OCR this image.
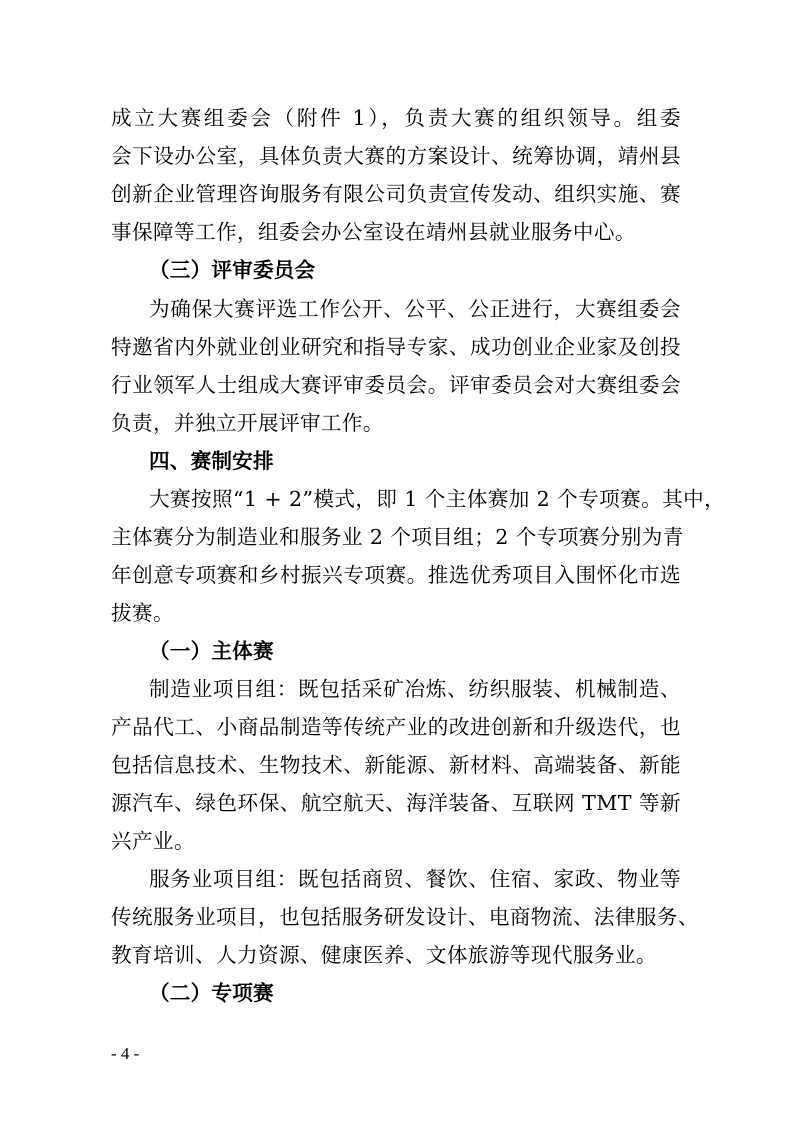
成立大赛组委会（附件 1），负责大赛的组织领导。组委
会下设办公室，具体负责大赛的方案设计、统筹协调，靖州县
创新企业管理咨询服务有限公司负责宣传发动、组织实施、赛
事保障等工作，组委会办公室设在靖州县就业服务中心。
（三）评审委员会
为确保大赛评选工作公开、公平、公正进行，大赛组委会
特邀省内外就业创业研究和指导专家、成功创业企业家及创投
行业领军人士组成大赛评审委员会。评审委员会对大赛组委会
负责，并独立开展评审工作。
四、赛制安排
大赛按照“1 + 2”模式，即 1 个主体赛加 2 个专项赛。其中，
主体赛分为制造业和服务业 2 个项目组；2 个专项赛分别为青
年创意专项赛和乡村振兴专项赛。推选优秀项目入围怀化市选
拔赛。
（一）主体赛
制造业项目组：既包括采矿冶炼、纺织服装、机械制造、
产品代工、小商品制造等传统产业的改进创新和升级迭代，也
包括信息技术、生物技术、新能源、新材料、高端装备、新能
源汽车、绿色环保、航空航天、海洋装备、互联网 TMT 等新
兴产业。
服务业项目组：既包括商贸、餐饮、住宿、家政、物业等
传统服务业项目，也包括服务研发设计、电商物流、法律服务、
教育培训、人力资源、健康医养、文体旅游等现代服务业。
（二）专项赛
- 4 -
